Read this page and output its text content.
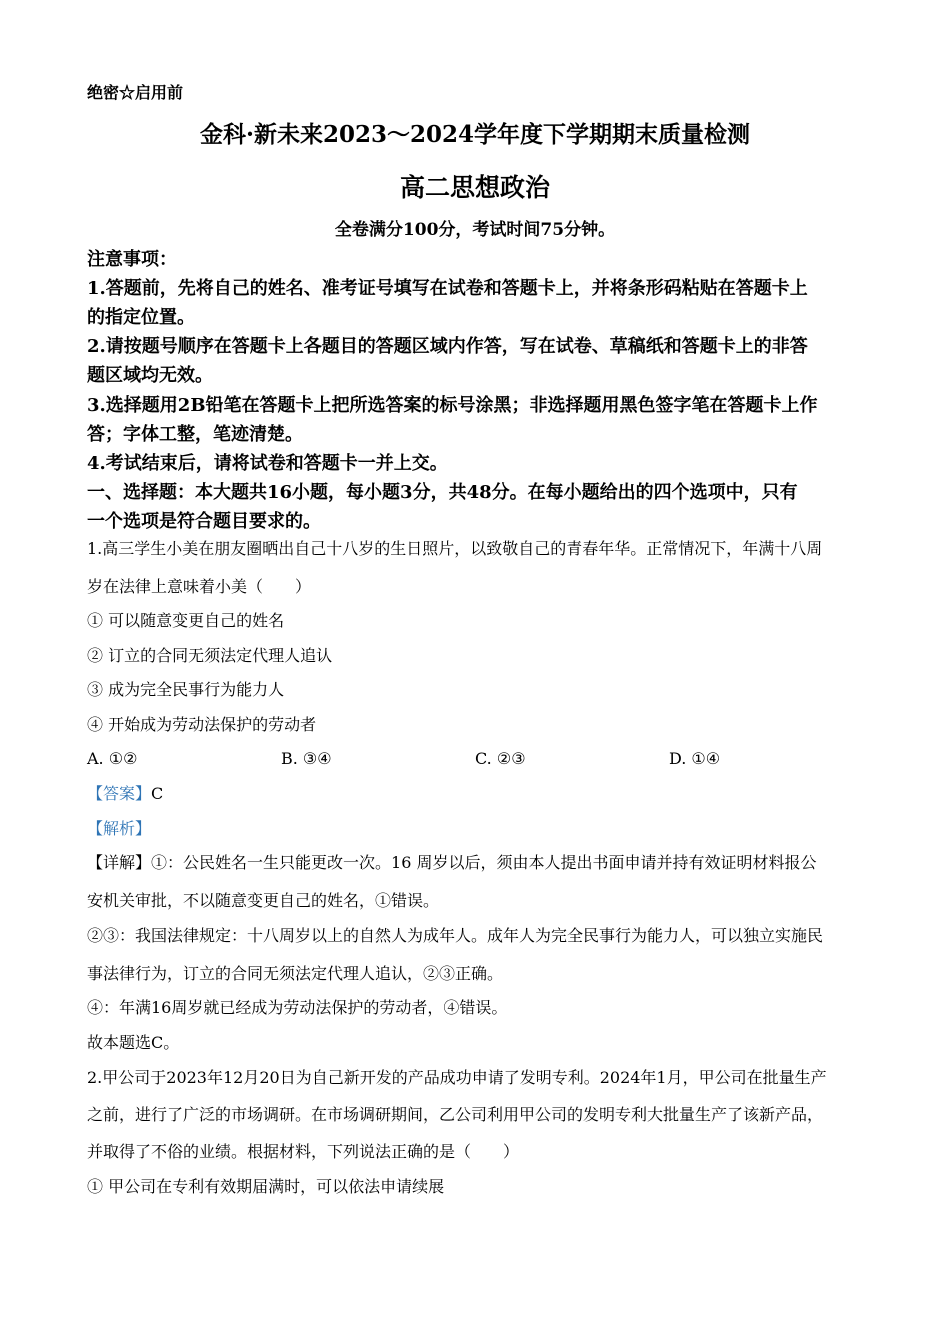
绝密☆启用前
金科·新未来2023～2024学年度下学期期末质量检测
高二思想政治
全卷满分100分，考试时间75分钟。
注意事项：
1.答题前，先将自己的姓名、准考证号填写在试卷和答题卡上，并将条形码粘贴在答题卡上
的指定位置。
2.请按题号顺序在答题卡上各题目的答题区域内作答，写在试卷、草稿纸和答题卡上的非答
题区域均无效。
3.选择题用2B铅笔在答题卡上把所选答案的标号涂黑；非选择题用黑色签字笔在答题卡上作
答；字体工整，笔迹清楚。
4.考试结束后，请将试卷和答题卡一并上交。
一、选择题：本大题共16小题，每小题3分，共48分。在每小题给出的四个选项中，只有
一个选项是符合题目要求的。
1.高三学生小美在朋友圈晒出自己十八岁的生日照片，以致敬自己的青春年华。正常情况下，年满十八周
岁在法律上意味着小美（　　）
① 可以随意变更自己的姓名
② 订立的合同无须法定代理人追认
③ 成为完全民事行为能力人
④ 开始成为劳动法保护的劳动者
A. ①②	B. ③④	C. ②③	D. ①④
【答案】C
【解析】
【详解】①：公民姓名一生只能更改一次。16 周岁以后，须由本人提出书面申请并持有效证明材料报公
安机关审批，不以随意变更自己的姓名，①错误。
②③：我国法律规定：十八周岁以上的自然人为成年人。成年人为完全民事行为能力人，可以独立实施民
事法律行为，订立的合同无须法定代理人追认，②③正确。
④：年满16周岁就已经成为劳动法保护的劳动者，④错误。
故本题选C。
2.甲公司于2023年12月20日为自己新开发的产品成功申请了发明专利。2024年1月，甲公司在批量生产
之前，进行了广泛的市场调研。在市场调研期间，乙公司利用甲公司的发明专利大批量生产了该新产品，
并取得了不俗的业绩。根据材料，下列说法正确的是（　　）
① 甲公司在专利有效期届满时，可以依法申请续展
